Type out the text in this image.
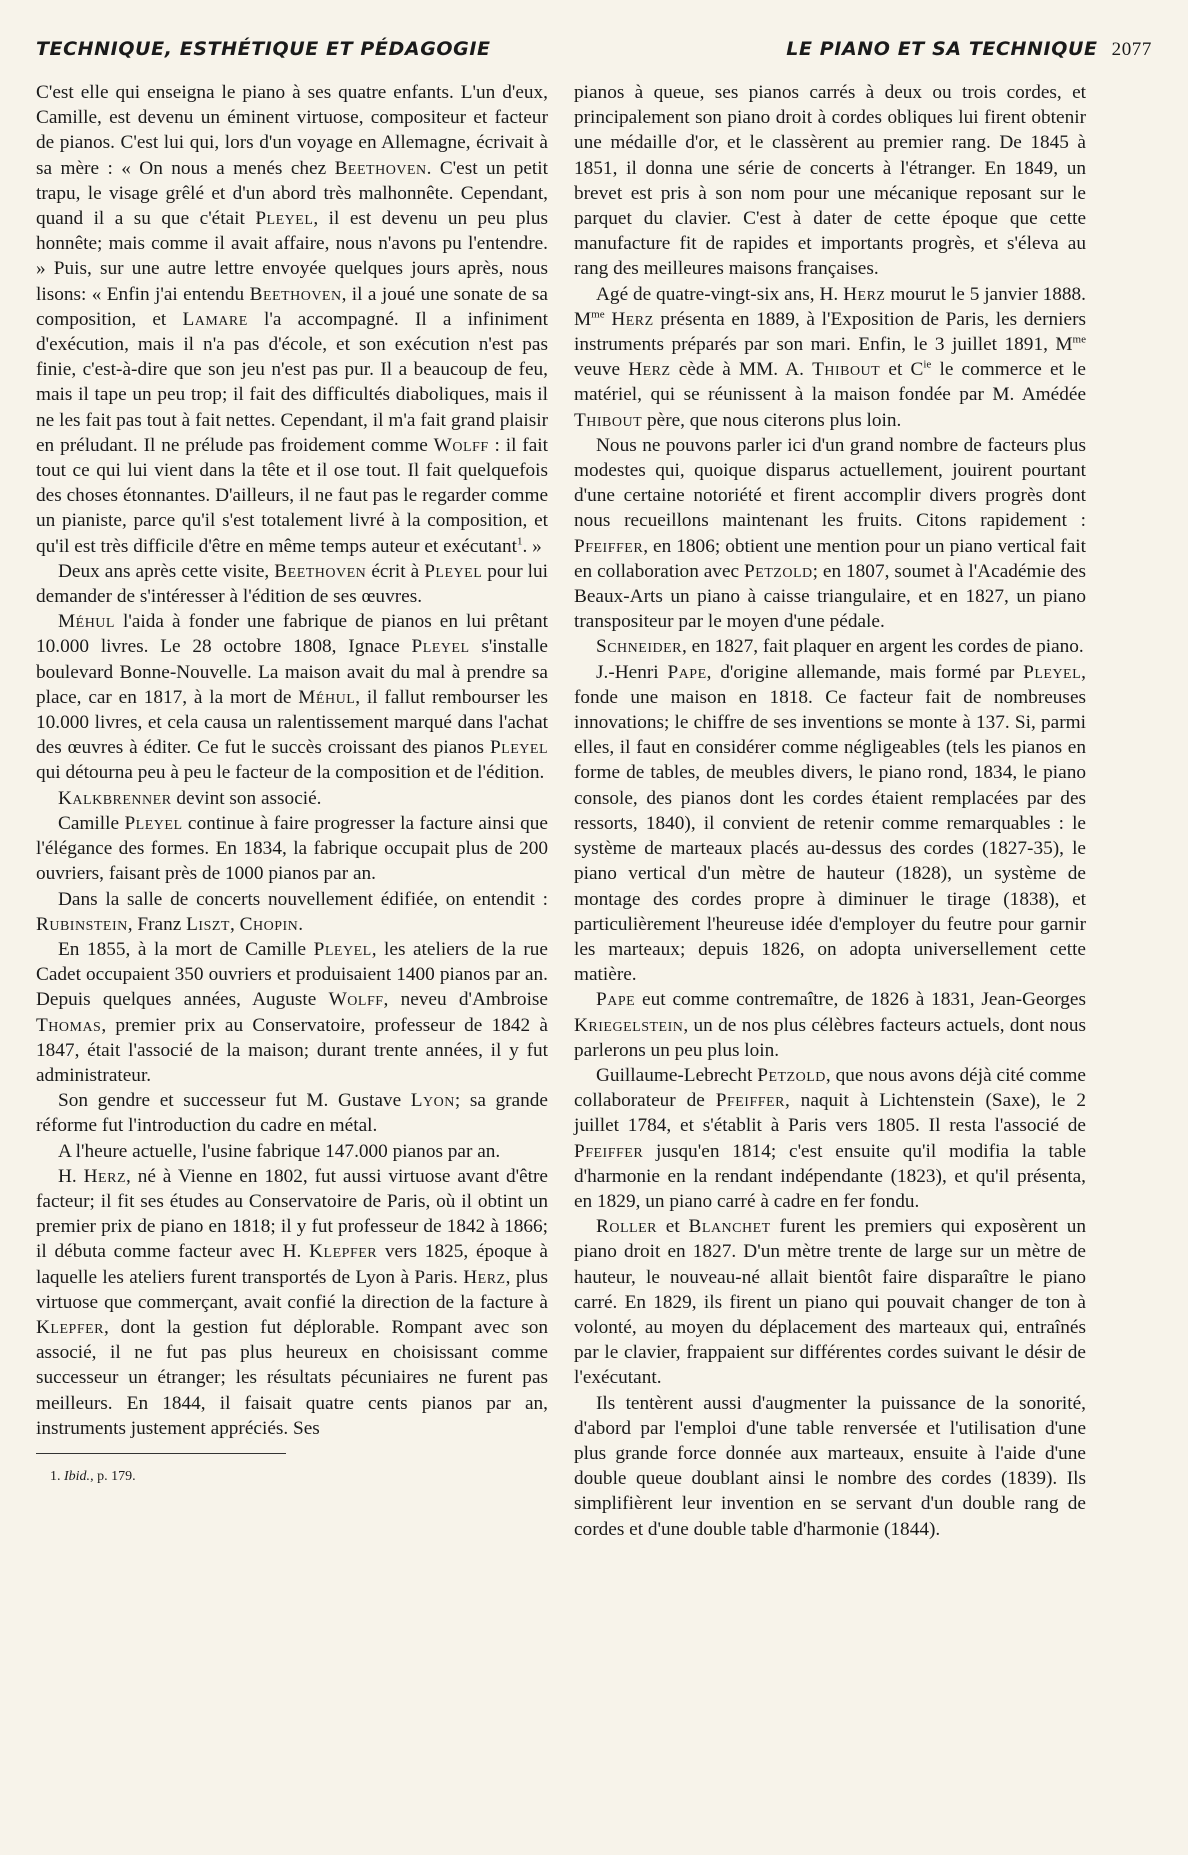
TECHNIQUE, ESTHÉTIQUE ET PÉDAGOGIE	LE PIANO ET SA TECHNIQUE 2077

C'est elle qui enseigna le piano à ses quatre enfants. L'un d'eux, Camille, est devenu un éminent virtuose, compositeur et facteur de pianos. C'est lui qui, lors d'un voyage en Allemagne, écrivait à sa mère : « On nous a menés chez Beethoven. C'est un petit trapu, le visage grêlé et d'un abord très malhonnête. Cependant, quand il a su que c'était Pleyel, il est devenu un peu plus honnête; mais comme il avait affaire, nous n'avons pu l'entendre. » Puis, sur une autre lettre envoyée quelques jours après, nous lisons: « Enfin j'ai entendu Beethoven, il a joué une sonate de sa composition, et Lamare l'a accompagné. Il a infiniment d'exécution, mais il n'a pas d'école, et son exécution n'est pas finie, c'est-à-dire que son jeu n'est pas pur. Il a beaucoup de feu, mais il tape un peu trop; il fait des difficultés diaboliques, mais il ne les fait pas tout à fait nettes. Cependant, il m'a fait grand plaisir en préludant. Il ne prélude pas froidement comme Wolff : il fait tout ce qui lui vient dans la tête et il ose tout. Il fait quelquefois des choses étonnantes. D'ailleurs, il ne faut pas le regarder comme un pianiste, parce qu'il s'est totalement livré à la composition, et qu'il est très difficile d'être en même temps auteur et exécutant$^1$. »

Deux ans après cette visite, Beethoven écrit à Pleyel pour lui demander de s'intéresser à l'édition de ses œuvres.

Méhul l'aida à fonder une fabrique de pianos en lui prêtant 10.000 livres. Le 28 octobre 1808, Ignace Pleyel s'installe boulevard Bonne-Nouvelle. La maison avait du mal à prendre sa place, car en 1817, à la mort de Méhul, il fallut rembourser les 10.000 livres, et cela causa un ralentissement marqué dans l'achat des œuvres à éditer. Ce fut le succès croissant des pianos Pleyel qui détourna peu à peu le facteur de la composition et de l'édition.

Kalkbrenner devint son associé.

Camille Pleyel continue à faire progresser la facture ainsi que l'élégance des formes. En 1834, la fabrique occupait plus de 200 ouvriers, faisant près de 1000 pianos par an.

Dans la salle de concerts nouvellement édifiée, on entendit : Rubinstein, Franz Liszt, Chopin.

En 1855, à la mort de Camille Pleyel, les ateliers de la rue Cadet occupaient 350 ouvriers et produisaient 1400 pianos par an. Depuis quelques années, Auguste Wolff, neveu d'Ambroise Thomas, premier prix au Conservatoire, professeur de 1842 à 1847, était l'associé de la maison; durant trente années, il y fut administrateur.

Son gendre et successeur fut M. Gustave Lyon; sa grande réforme fut l'introduction du cadre en métal.

A l'heure actuelle, l'usine fabrique 147.000 pianos par an.

H. Herz, né à Vienne en 1802, fut aussi virtuose avant d'être facteur; il fit ses études au Conservatoire de Paris, où il obtint un premier prix de piano en 1818; il y fut professeur de 1842 à 1866; il débuta comme facteur avec H. Klepfer vers 1825, époque à laquelle les ateliers furent transportés de Lyon à Paris. Herz, plus virtuose que commerçant, avait confié la direction de la facture à Klepfer, dont la gestion fut déplorable. Rompant avec son associé, il ne fut pas plus heureux en choisissant comme successeur un étranger; les résultats pécuniaires ne furent pas meilleurs. En 1844, il faisait quatre cents pianos par an, instruments justement appréciés. Ses

1. Ibid., p. 179.

pianos à queue, ses pianos carrés à deux ou trois cordes, et principalement son piano droit à cordes obliques lui firent obtenir une médaille d'or, et le classèrent au premier rang. De 1845 à 1851, il donna une série de concerts à l'étranger. En 1849, un brevet est pris à son nom pour une mécanique reposant sur le parquet du clavier. C'est à dater de cette époque que cette manufacture fit de rapides et importants progrès, et s'éleva au rang des meilleures maisons françaises.

Agé de quatre-vingt-six ans, H. Herz mourut le 5 janvier 1888. $M^{me}$ Herz présenta en 1889, à l'Exposition de Paris, les derniers instruments préparés par son mari. Enfin, le 3 juillet 1891, $M^{me}$ veuve Herz cède à MM. A. Thibout et $C^{ie}$ le commerce et le matériel, qui se réunissent à la maison fondée par M. Amédée Thibout père, que nous citerons plus loin.

Nous ne pouvons parler ici d'un grand nombre de facteurs plus modestes qui, quoique disparus actuellement, jouirent pourtant d'une certaine notoriété et firent accomplir divers progrès dont nous recueillons maintenant les fruits. Citons rapidement : Pfeiffer, en 1806; obtient une mention pour un piano vertical fait en collaboration avec Petzold; en 1807, soumet à l'Académie des Beaux-Arts un piano à caisse triangulaire, et en 1827, un piano transpositeur par le moyen d'une pédale.

Schneider, en 1827, fait plaquer en argent les cordes de piano.

J.-Henri Pape, d'origine allemande, mais formé par Pleyel, fonde une maison en 1818. Ce facteur fait de nombreuses innovations; le chiffre de ses inventions se monte à 137. Si, parmi elles, il faut en considérer comme négligeables (tels les pianos en forme de tables, de meubles divers, le piano rond, 1834, le piano console, des pianos dont les cordes étaient remplacées par des ressorts, 1840), il convient de retenir comme remarquables : le système de marteaux placés au-dessus des cordes (1827-35), le piano vertical d'un mètre de hauteur (1828), un système de montage des cordes propre à diminuer le tirage (1838), et particulièrement l'heureuse idée d'employer du feutre pour garnir les marteaux; depuis 1826, on adopta universellement cette matière.

Pape eut comme contremaître, de 1826 à 1831, Jean-Georges Kriegelstein, un de nos plus célèbres facteurs actuels, dont nous parlerons un peu plus loin.

Guillaume-Lebrecht Petzold, que nous avons déjà cité comme collaborateur de Pfeiffer, naquit à Lichtenstein (Saxe), le 2 juillet 1784, et s'établit à Paris vers 1805. Il resta l'associé de Pfeiffer jusqu'en 1814; c'est ensuite qu'il modifia la table d'harmonie en la rendant indépendante (1823), et qu'il présenta, en 1829, un piano carré à cadre en fer fondu.

Roller et Blanchet furent les premiers qui exposèrent un piano droit en 1827. D'un mètre trente de large sur un mètre de hauteur, le nouveau-né allait bientôt faire disparaître le piano carré. En 1829, ils firent un piano qui pouvait changer de ton à volonté, au moyen du déplacement des marteaux qui, entraînés par le clavier, frappaient sur différentes cordes suivant le désir de l'exécutant.

Ils tentèrent aussi d'augmenter la puissance de la sonorité, d'abord par l'emploi d'une table renversée et l'utilisation d'une plus grande force donnée aux marteaux, ensuite à l'aide d'une double queue doublant ainsi le nombre des cordes (1839). Ils simplifièrent leur invention en se servant d'un double rang de cordes et d'une double table d'harmonie (1844).
